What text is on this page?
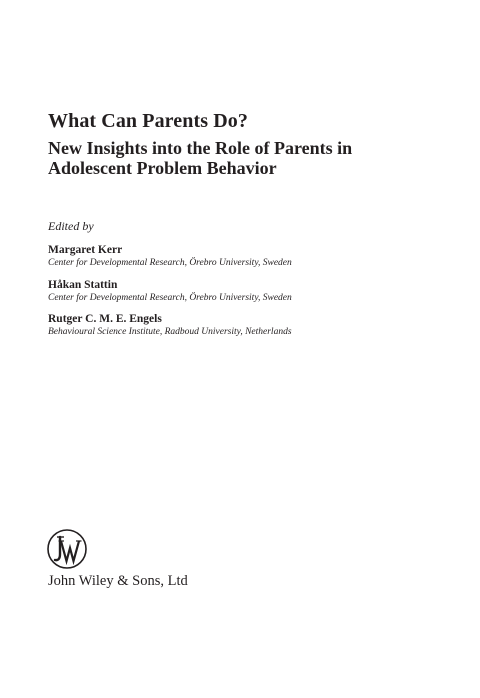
What Can Parents Do?
New Insights into the Role of Parents in
Adolescent Problem Behavior
Edited by
Margaret Kerr
Center for Developmental Research, Örebro University, Sweden
Håkan Stattin
Center for Developmental Research, Örebro University, Sweden
Rutger C. M. E. Engels
Behavioural Science Institute, Radboud University, Netherlands
John Wiley & Sons, Ltd
